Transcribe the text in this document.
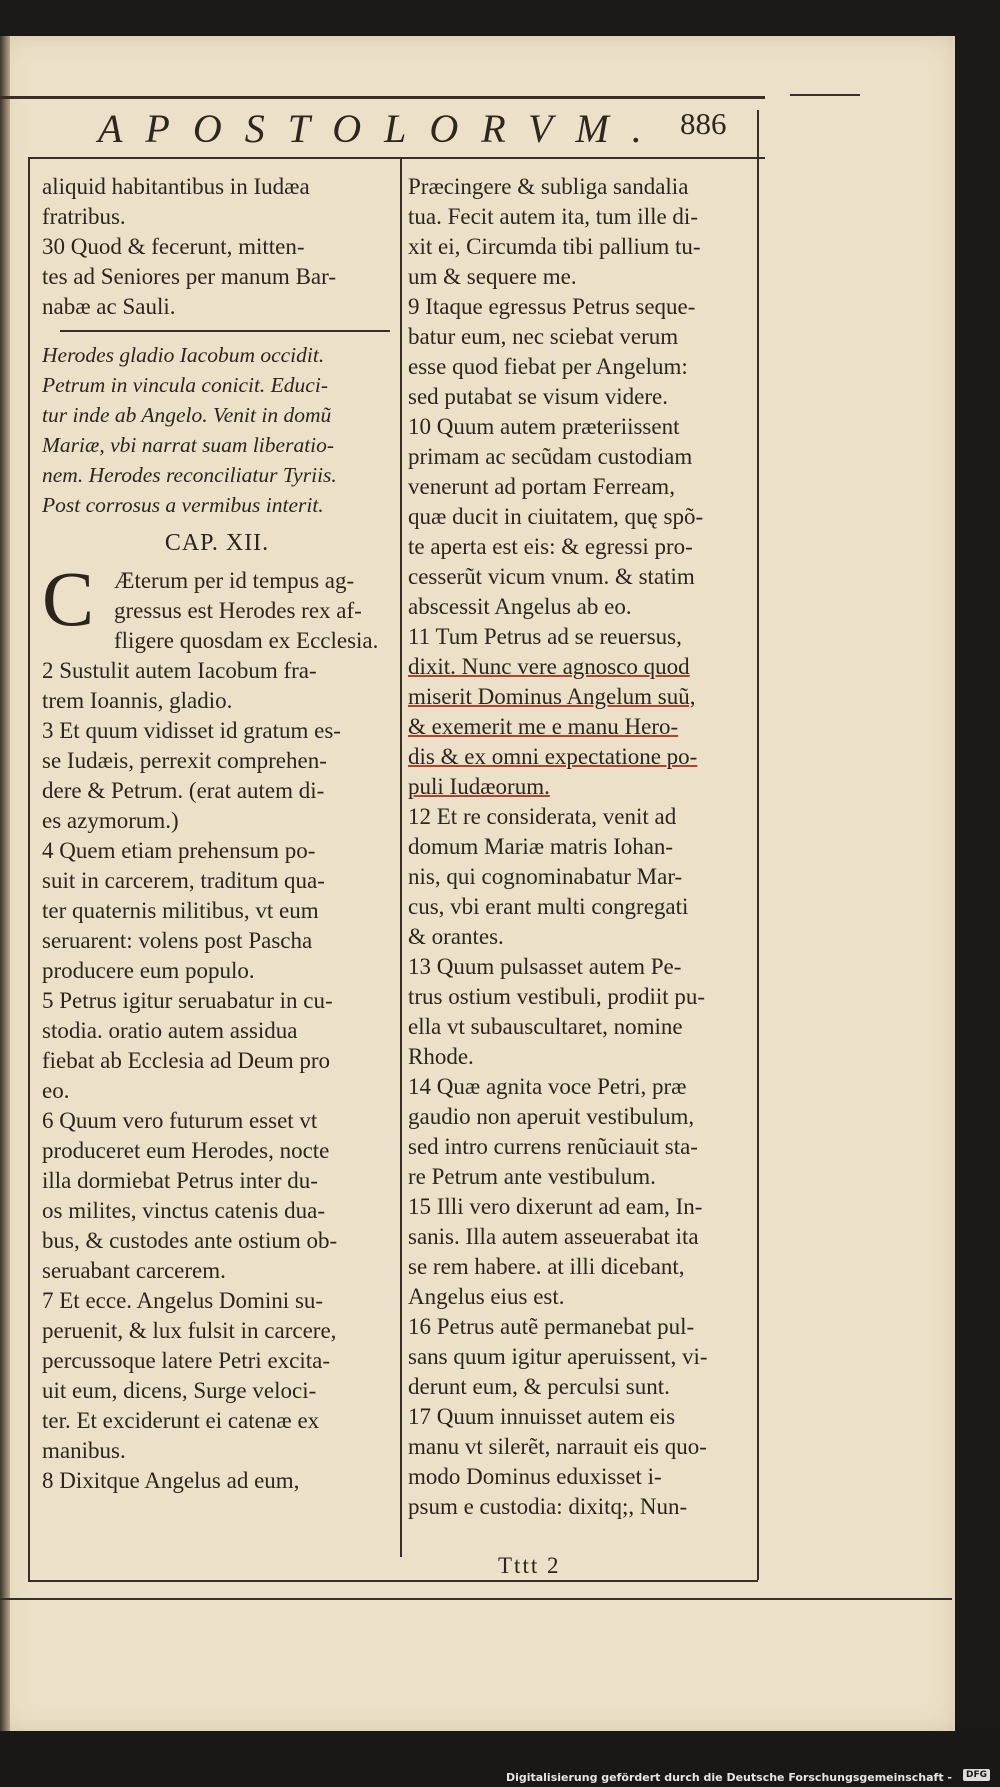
APOSTOLORVM. 886
aliquid habitantibus in Iudæa
fratribus.
30 Quod & fecerunt, mitten-
tes ad Seniores per manum Bar-
nabæ ac Sauli.
Herodes gladio Iacobum occidit.
Petrum in vincula conicit. Educi-
tur inde ab Angelo. Venit in domũ
Mariæ, vbi narrat suam liberatio-
nem. Herodes reconciliatur Tyriis.
Post corrosus a vermibus interit.
CAP. XII.
C Æterum per id tempus ag-
gressus est Herodes rex af-
fligere quosdam ex Ecclesia.
2 Sustulit autem Iacobum fra-
trem Ioannis, gladio.
3 Et quum vidisset id gratum es-
se Iudæis, perrexit comprehen-
dere & Petrum. (erat autem di-
es azymorum.)
4 Quem etiam prehensum po-
suit in carcerem, traditum qua-
ter quaternis militibus, vt eum
seruarent: volens post Pascha
producere eum populo.
5 Petrus igitur seruabatur in cu-
stodia. oratio autem assidua
fiebat ab Ecclesia ad Deum pro
eo.
6 Quum vero futurum esset vt
produceret eum Herodes, nocte
illa dormiebat Petrus inter du-
os milites, vinctus catenis dua-
bus, & custodes ante ostium ob-
seruabant carcerem.
7 Et ecce. Angelus Domini su-
peruenit, & lux fulsit in carcere,
percussoque latere Petri excita-
uit eum, dicens, Surge veloci-
ter. Et exciderunt ei catenæ ex
manibus.
8 Dixitque Angelus ad eum,
Præcingere & subliga sandalia
tua. Fecit autem ita, tum ille di-
xit ei, Circumda tibi pallium tu-
um & sequere me.
9 Itaque egressus Petrus seque-
batur eum, nec sciebat verum
esse quod fiebat per Angelum:
sed putabat se visum videre.
10 Quum autem præteriissent
primam ac secũdam custodiam
venerunt ad portam Ferream,
quæ ducit in ciuitatem, quę spõ-
te aperta est eis: & egressi pro-
cesserũt vicum vnum. & statim
abscessit Angelus ab eo.
11 Tum Petrus ad se reuersus,
dixit. Nunc vere agnosco quod
miserit Dominus Angelum suũ,
& exemerit me e manu Hero-
dis & ex omni expectatione po-
puli Iudæorum.
12 Et re considerata, venit ad
domum Mariæ matris Iohan-
nis, qui cognominabatur Mar-
cus, vbi erant multi congregati
& orantes.
13 Quum pulsasset autem Pe-
trus ostium vestibuli, prodiit pu-
ella vt subauscultaret, nomine
Rhode.
14 Quæ agnita voce Petri, præ
gaudio non aperuit vestibulum,
sed intro currens renũciauit sta-
re Petrum ante vestibulum.
15 Illi vero dixerunt ad eam, In-
sanis. Illa autem asseuerabat ita
se rem habere. at illi dicebant,
Angelus eius est.
16 Petrus autẽ permanebat pul-
sans quum igitur aperuissent, vi-
derunt eum, & perculsi sunt.
17 Quum innuisset autem eis
manu vt silerẽt, narrauit eis quo-
modo Dominus eduxisset i-
psum e custodia: dixitq;, Nun-
Tttt 2
Digitalisierung gefördert durch die Deutsche Forschungsgemeinschaft -	DFG
